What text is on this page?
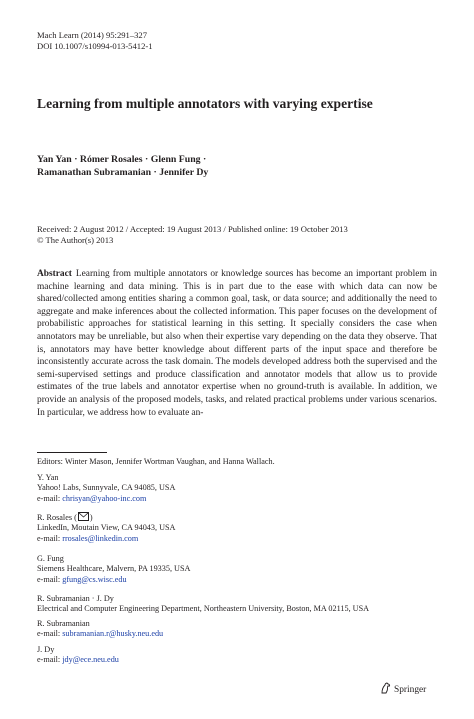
Mach Learn (2014) 95:291–327
DOI 10.1007/s10994-013-5412-1
Learning from multiple annotators with varying expertise
Yan Yan · Rómer Rosales · Glenn Fung ·
Ramanathan Subramanian · Jennifer Dy
Received: 2 August 2012 / Accepted: 19 August 2013 / Published online: 19 October 2013
© The Author(s) 2013
Abstract Learning from multiple annotators or knowledge sources has become an important problem in machine learning and data mining. This is in part due to the ease with which data can now be shared/collected among entities sharing a common goal, task, or data source; and additionally the need to aggregate and make inferences about the collected information. This paper focuses on the development of probabilistic approaches for statistical learning in this setting. It specially considers the case when annotators may be unreliable, but also when their expertise vary depending on the data they observe. That is, annotators may have better knowledge about different parts of the input space and therefore be inconsistently accurate across the task domain. The models developed address both the supervised and the semi-supervised settings and produce classification and annotator models that allow us to provide estimates of the true labels and annotator expertise when no ground-truth is available. In addition, we provide an analysis of the proposed models, tasks, and related practical problems under various scenarios. In particular, we address how to evaluate an-
Editors: Winter Mason, Jennifer Wortman Vaughan, and Hanna Wallach.
Y. Yan
Yahoo! Labs, Sunnyvale, CA 94085, USA
e-mail: chrisyan@yahoo-inc.com
R. Rosales ( )
LinkedIn, Moutain View, CA 94043, USA
e-mail: rrosales@linkedin.com
G. Fung
Siemens Healthcare, Malvern, PA 19335, USA
e-mail: gfung@cs.wisc.edu
R. Subramanian · J. Dy
Electrical and Computer Engineering Department, Northeastern University, Boston, MA 02115, USA
R. Subramanian
e-mail: subramanian.r@husky.neu.edu
J. Dy
e-mail: jdy@ece.neu.edu
Springer
